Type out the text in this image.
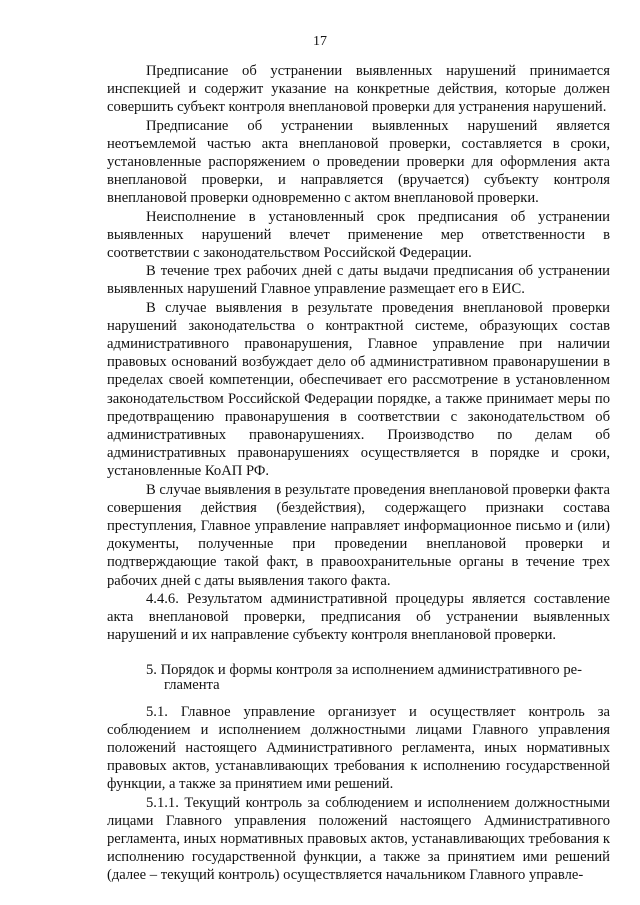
17

Предписание об устранении выявленных нарушений принимается инспекцией и содержит указание на конкретные действия, которые должен совершить субъект контроля внеплановой проверки для устранения нарушений.

Предписание об устранении выявленных нарушений является неотъемлемой частью акта внеплановой проверки, составляется в сроки, установленные распоряжением о проведении проверки для оформления акта внеплановой проверки, и направляется (вручается) субъекту контроля внеплановой проверки одновременно с актом внеплановой проверки.

Неисполнение в установленный срок предписания об устранении выявленных нарушений влечет применение мер ответственности в соответствии с законодательством Российской Федерации.

В течение трех рабочих дней с даты выдачи предписания об устранении выявленных нарушений Главное управление размещает его в ЕИС.

В случае выявления в результате проведения внеплановой проверки нарушений законодательства о контрактной системе, образующих состав административного правонарушения, Главное управление при наличии правовых оснований возбуждает дело об административном правонарушении в пределах своей компетенции, обеспечивает его рассмотрение в установленном законодательством Российской Федерации порядке, а также принимает меры по предотвращению правонарушения в соответствии с законодательством об административных правонарушениях. Производство по делам об административных правонарушениях осуществляется в порядке и сроки, установленные КоАП РФ.

В случае выявления в результате проведения внеплановой проверки факта совершения действия (бездействия), содержащего признаки состава преступления, Главное управление направляет информационное письмо и (или) документы, полученные при проведении внеплановой проверки и подтверждающие такой факт, в правоохранительные органы в течение трех рабочих дней с даты выявления такого факта.

4.4.6. Результатом административной процедуры является составление акта внеплановой проверки, предписания об устранении выявленных нарушений и их направление субъекту контроля внеплановой проверки.

5. Порядок и формы контроля за исполнением административного ре-
гламента

5.1. Главное управление организует и осуществляет контроль за соблюдением и исполнением должностными лицами Главного управления положений настоящего Административного регламента, иных нормативных правовых актов, устанавливающих требования к исполнению государственной функции, а также за принятием ими решений.

5.1.1. Текущий контроль за соблюдением и исполнением должностными лицами Главного управления положений настоящего Административного регламента, иных нормативных правовых актов, устанавливающих требования к исполнению государственной функции, а также за принятием ими решений (далее – текущий контроль) осуществляется начальником Главного управле-
